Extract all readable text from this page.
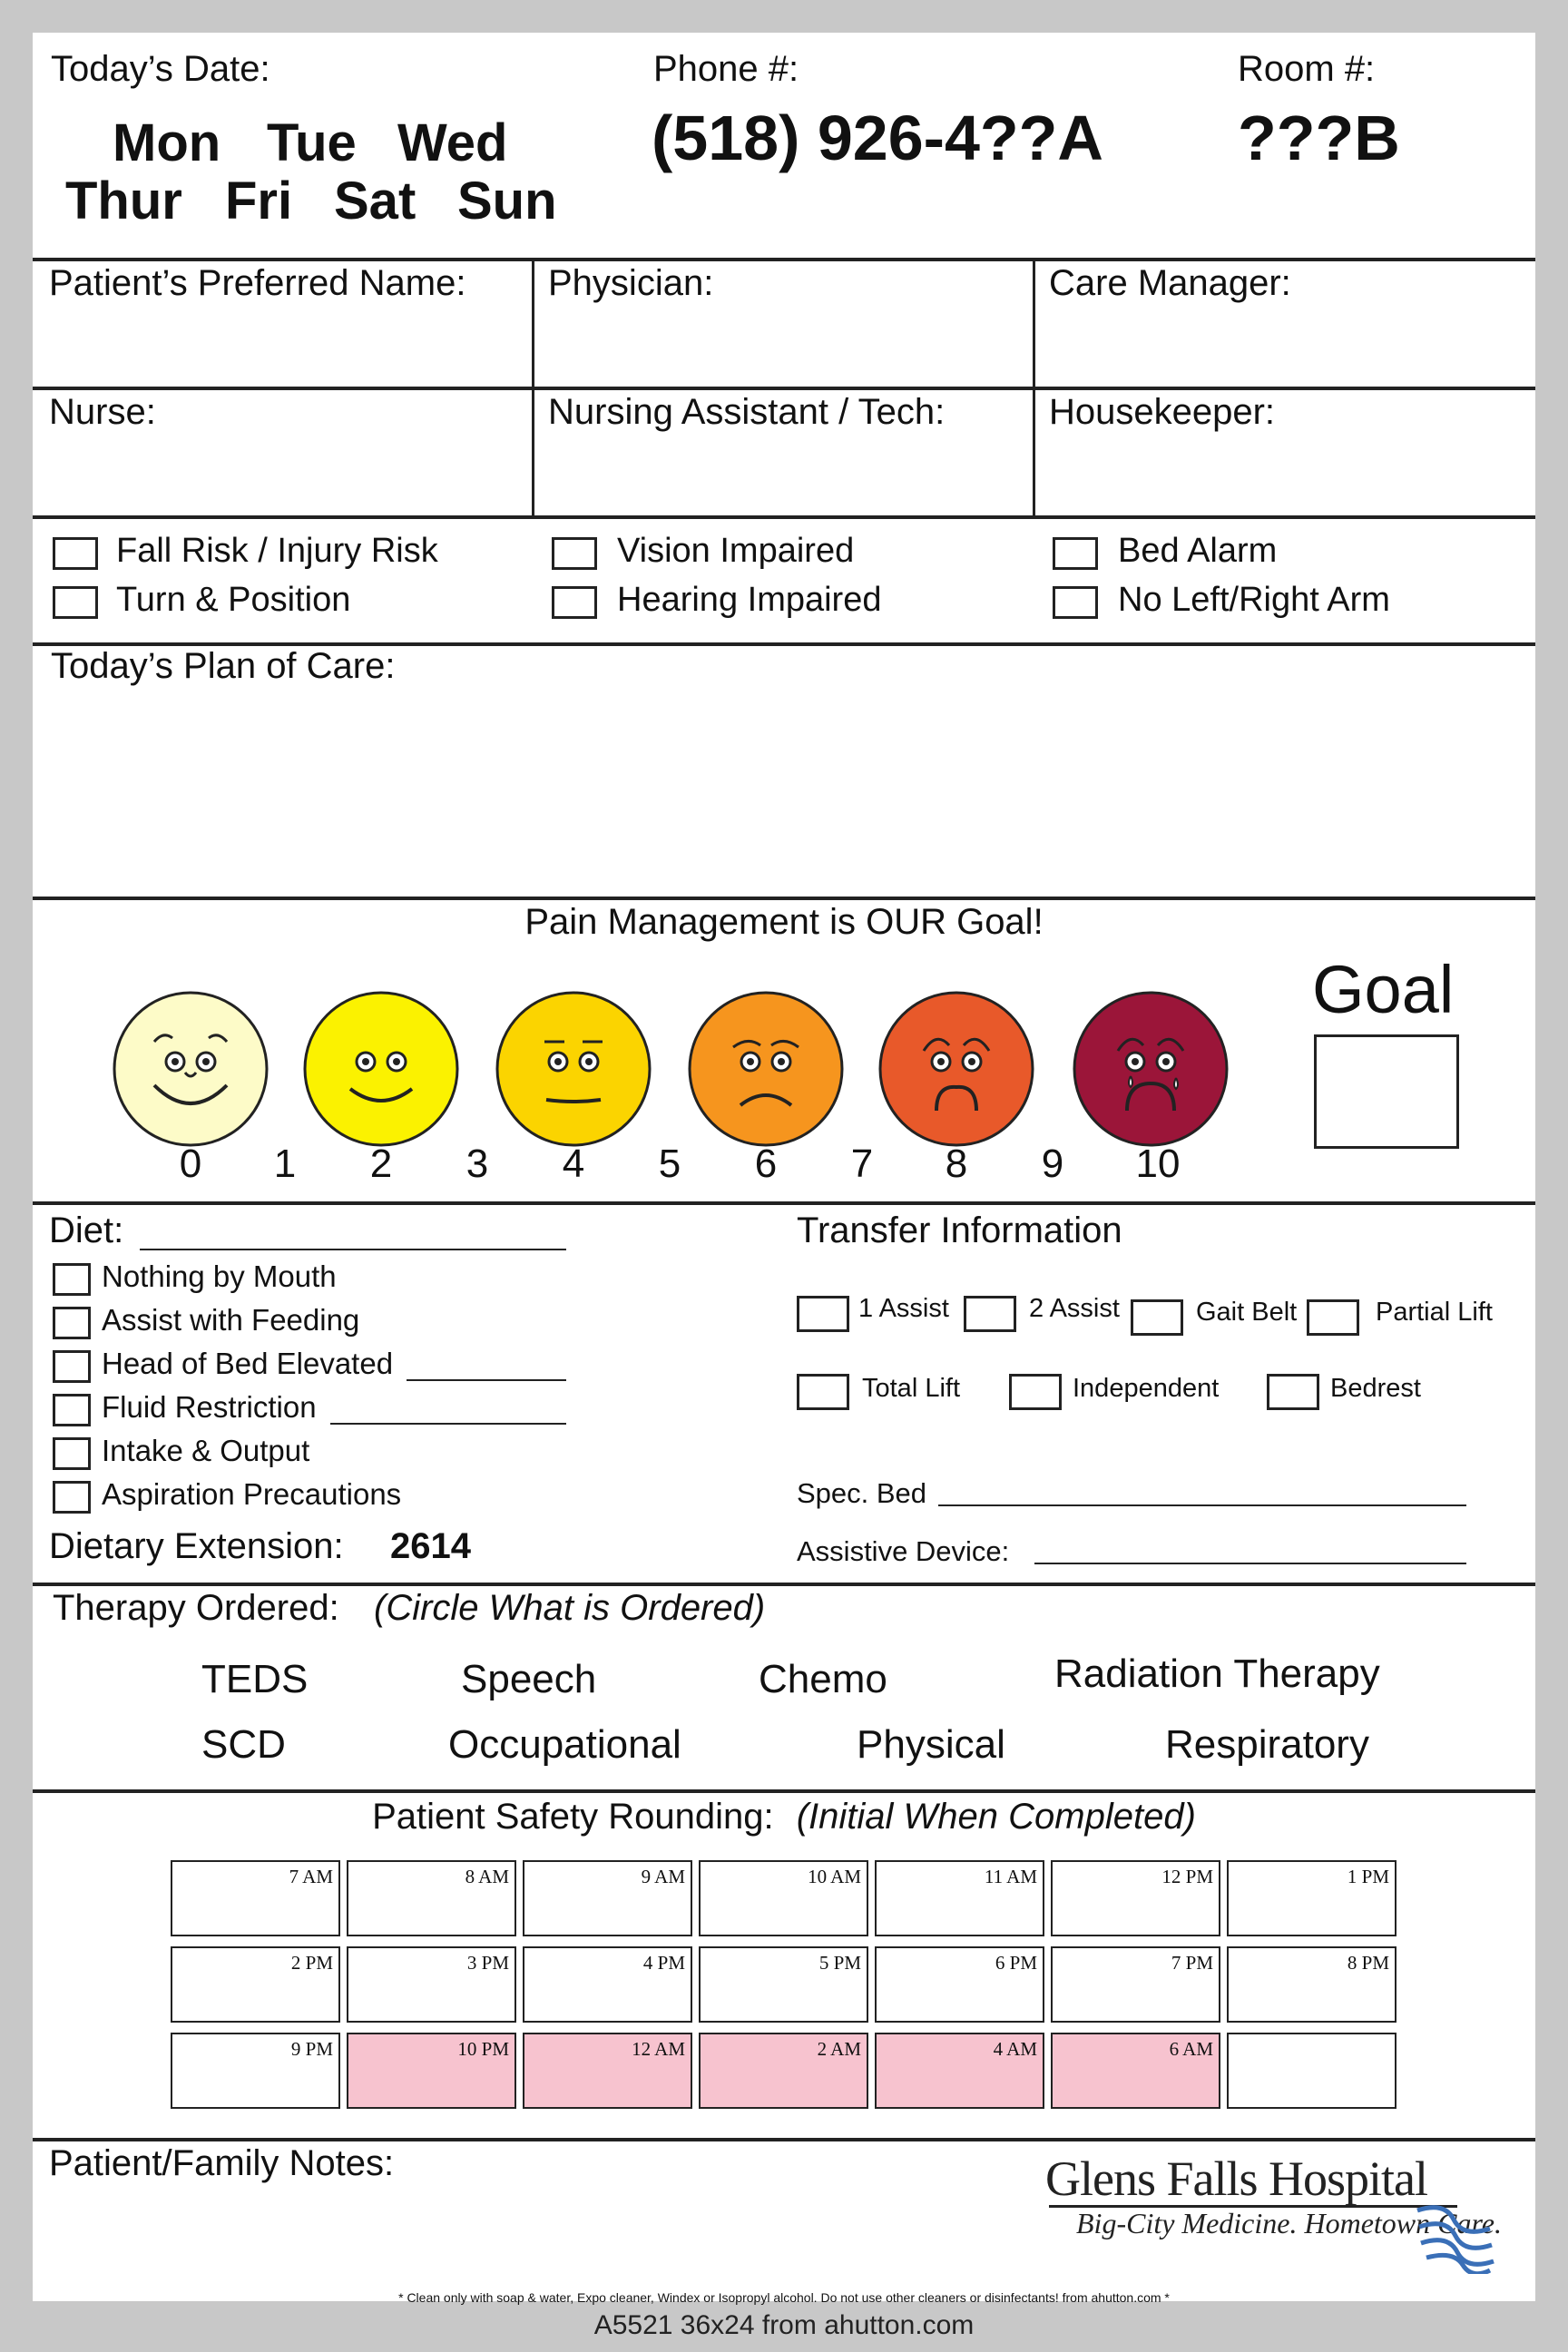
Today’s Date:
Mon Tue Wed
Thur Fri Sat Sun
Phone #:
(518) 926-4??A
Room #:
???B
Patient’s Preferred Name: Physician:	Care Manager:
Nurse:	Nursing Assistant / Tech:	Housekeeper:
Fall Risk / Injury Risk
Turn & Position
Vision Impaired
Hearing Impaired
Bed Alarm
No Left/Right Arm
Today’s Plan of Care:
Pain Management is OUR Goal!
0	1	2	3	4	5	6	7	8	9	10
Goal
Diet:
Nothing by Mouth
Assist with Feeding
Head of Bed Elevated
Fluid Restriction
Intake & Output
Aspiration Precautions
Dietary Extension: 2614
Transfer Information
1 Assist	2 Assist	Gait Belt	Partial Lift
Total Lift	Independent	Bedrest
Spec. Bed
Assistive Device:
Therapy Ordered: (Circle What is Ordered)
TEDS	Speech	Chemo	Radiation Therapy
SCD	Occupational	Physical	Respiratory
Patient Safety Rounding: (Initial When Completed)
7 AM	8 AM	9 AM	10 AM	11 AM	12 PM	1 PM
2 PM	3 PM	4 PM	5 PM	6 PM	7 PM	8 PM
9 PM	10 PM	12 AM	2 AM	4 AM	6 AM
Patient/Family Notes:	Glens Falls Hospital
Big-City Medicine. Hometown Care.
* Clean only with soap & water, Expo cleaner, Windex or Isopropyl alcohol. Do not use other cleaners or disinfectants! from ahutton.com *
A5521 36x24 from ahutton.com
